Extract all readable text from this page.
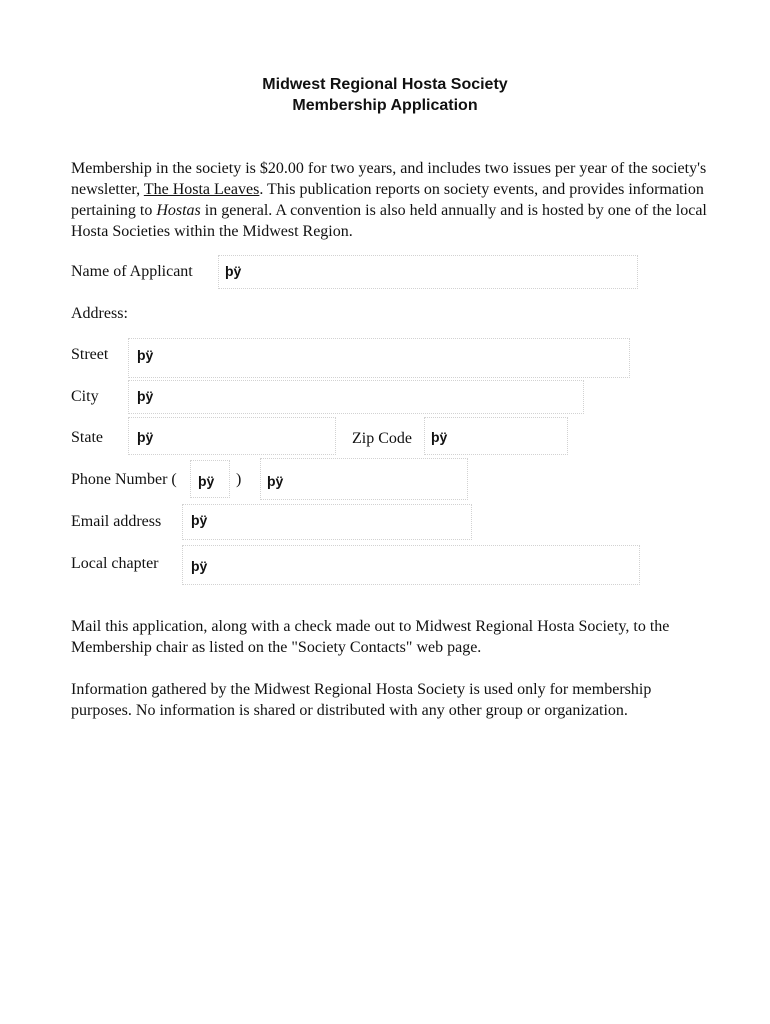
Midwest Regional Hosta Society
Membership Application
Membership in the society is $20.00 for two years, and includes two issues per year of the society's newsletter, The Hosta Leaves. This publication reports on society events, and provides information pertaining to Hostas in general. A convention is also held annually and is hosted by one of the local Hosta Societies within the Midwest Region.
Name of Applicant þÿ
Address:
Street þÿ
City	þÿ
State þÿ	Zip Code þÿ
Phone Number ( þÿ ) þÿ
Email address þÿ
Local chapter þÿ
Mail this application, along with a check made out to Midwest Regional Hosta Society, to the Membership chair as listed on the "Society Contacts" web page.
Information gathered by the Midwest Regional Hosta Society is used only for membership purposes. No information is shared or distributed with any other group or organization.
